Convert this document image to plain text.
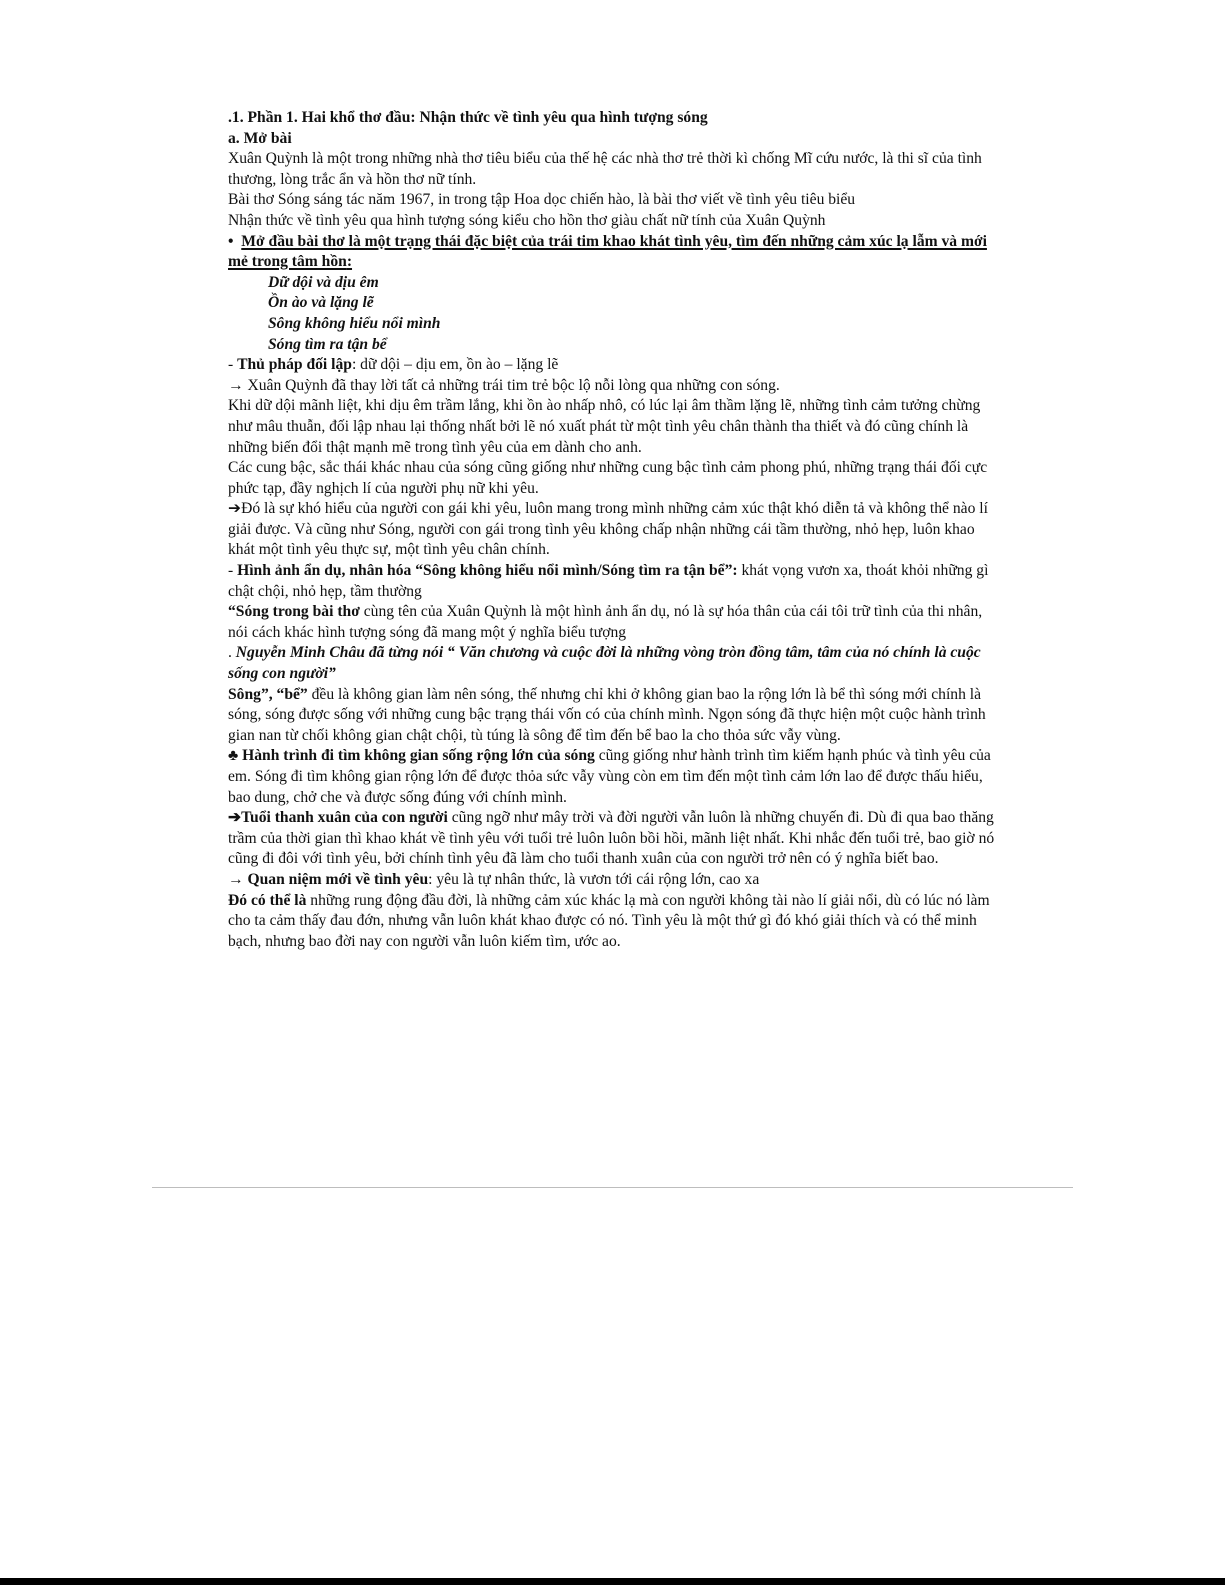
.1. Phần 1. Hai khổ thơ đầu: Nhận thức về tình yêu qua hình tượng sóng

a. Mở bài

Xuân Quỳnh là một trong những nhà thơ tiêu biểu của thế hệ các nhà thơ trẻ thời kì chống Mĩ cứu nước, là thi sĩ của tình thương, lòng trắc ẩn và hồn thơ nữ tính.

Bài thơ Sóng sáng tác năm 1967, in trong tập Hoa dọc chiến hào, là bài thơ viết về tình yêu tiêu biểu

Nhận thức về tình yêu qua hình tượng sóng kiểu cho hồn thơ giàu chất nữ tính của Xuân Quỳnh

• Mở đầu bài thơ là một trạng thái đặc biệt của trái tim khao khát tình yêu, tìm đến những cảm xúc lạ lẫm và mới mẻ trong tâm hồn:

Dữ dội và dịu êm

Ồn ào và lặng lẽ

Sông không hiểu nổi mình

Sóng tìm ra tận bể

- Thủ pháp đối lập: dữ dội – dịu em, ồn ào – lặng lẽ

→ Xuân Quỳnh đã thay lời tất cả những trái tim trẻ bộc lộ nỗi lòng qua những con sóng.

Khi dữ dội mãnh liệt, khi dịu êm trầm lắng, khi ồn ào nhấp nhô, có lúc lại âm thầm lặng lẽ, những tình cảm tưởng chừng như mâu thuẫn, đối lập nhau lại thống nhất bởi lẽ nó xuất phát từ một tình yêu chân thành tha thiết và đó cũng chính là những biến đổi thật mạnh mẽ trong tình yêu của em dành cho anh.

Các cung bậc, sắc thái khác nhau của sóng cũng giống như những cung bậc tình cảm phong phú, những trạng thái đối cực phức tạp, đầy nghịch lí của người phụ nữ khi yêu.

➔Đó là sự khó hiểu của người con gái khi yêu, luôn mang trong mình những cảm xúc thật khó diễn tả và không thể nào lí giải được. Và cũng như Sóng, người con gái trong tình yêu không chấp nhận những cái tầm thường, nhỏ hẹp, luôn khao khát một tình yêu thực sự, một tình yêu chân chính.

- Hình ảnh ẩn dụ, nhân hóa “Sông không hiểu nổi mình/Sóng tìm ra tận bể”: khát vọng vươn xa, thoát khỏi những gì chật chội, nhỏ hẹp, tầm thường

“Sóng trong bài thơ cùng tên của Xuân Quỳnh là một hình ảnh ẩn dụ, nó là sự hóa thân của cái tôi trữ tình của thi nhân, nói cách khác hình tượng sóng đã mang một ý nghĩa biểu tượng

. Nguyễn Minh Châu đã từng nói “ Văn chương và cuộc đời là những vòng tròn đồng tâm, tâm của nó chính là cuộc sống con người”

Sông”, “bể” đều là không gian làm nên sóng, thế nhưng chỉ khi ở không gian bao la rộng lớn là bể thì sóng mới chính là sóng, sóng được sống với những cung bậc trạng thái vốn có của chính mình. Ngọn sóng đã thực hiện một cuộc hành trình gian nan từ chối không gian chật chội, tù túng là sông để tìm đến bể bao la cho thỏa sức vẫy vùng.

♣ Hành trình đi tìm không gian sống rộng lớn của sóng cũng giống như hành trình tìm kiếm hạnh phúc và tình yêu của em. Sóng đi tìm không gian rộng lớn để được thỏa sức vẫy vùng còn em tìm đến một tình cảm lớn lao để được thấu hiểu, bao dung, chở che và được sống đúng với chính mình.

➔Tuổi thanh xuân của con người cũng ngỡ như mây trời và đời người vẫn luôn là những chuyến đi. Dù đi qua bao thăng trầm của thời gian thì khao khát về tình yêu với tuổi trẻ luôn luôn bồi hồi, mãnh liệt nhất. Khi nhắc đến tuổi trẻ, bao giờ nó cũng đi đôi với tình yêu, bởi chính tình yêu đã làm cho tuổi thanh xuân của con người trở nên có ý nghĩa biết bao.

→ Quan niệm mới về tình yêu: yêu là tự nhân thức, là vươn tới cái rộng lớn, cao xa

Đó có thể là những rung động đầu đời, là những cảm xúc khác lạ mà con người không tài nào lí giải nổi, dù có lúc nó làm cho ta cảm thấy đau đớn, nhưng vẫn luôn khát khao được có nó. Tình yêu là một thứ gì đó khó giải thích và có thể minh bạch, nhưng bao đời nay con người vẫn luôn kiếm tìm, ước ao.
